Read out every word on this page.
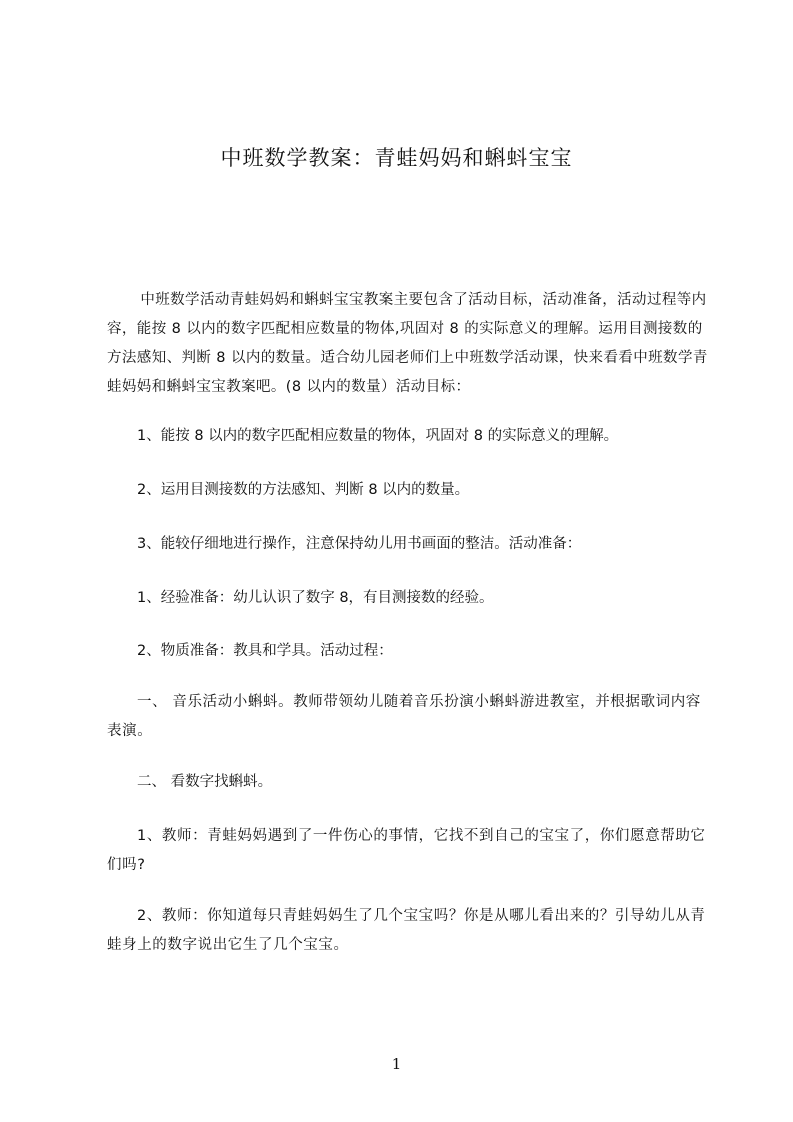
中班数学教案：青蛙妈妈和蝌蚪宝宝

中班数学活动青蛙妈妈和蝌蚪宝宝教案主要包含了活动目标，活动准备，活动过程等内容，能按 8 以内的数字匹配相应数量的物体,巩固对 8 的实际意义的理解。运用目测接数的方法感知、判断 8 以内的数量。适合幼儿园老师们上中班数学活动课，快来看看中班数学青蛙妈妈和蝌蚪宝宝教案吧。(8 以内的数量）活动目标：

1、能按 8 以内的数字匹配相应数量的物体，巩固对 8 的实际意义的理解。

2、运用目测接数的方法感知、判断 8 以内的数量。

3、能较仔细地进行操作，注意保持幼儿用书画面的整洁。活动准备：

1、经验准备：幼儿认识了数字 8，有目测接数的经验。

2、物质准备：教具和学具。活动过程：

一、 音乐活动小蝌蚪。教师带领幼儿随着音乐扮演小蝌蚪游进教室，并根据歌词内容表演。

二、 看数字找蝌蚪。

1、教师：青蛙妈妈遇到了一件伤心的事情，它找不到自己的宝宝了，你们愿意帮助它们吗?

2、教师：你知道每只青蛙妈妈生了几个宝宝吗？你是从哪儿看出来的？引导幼儿从青蛙身上的数字说出它生了几个宝宝。

1
